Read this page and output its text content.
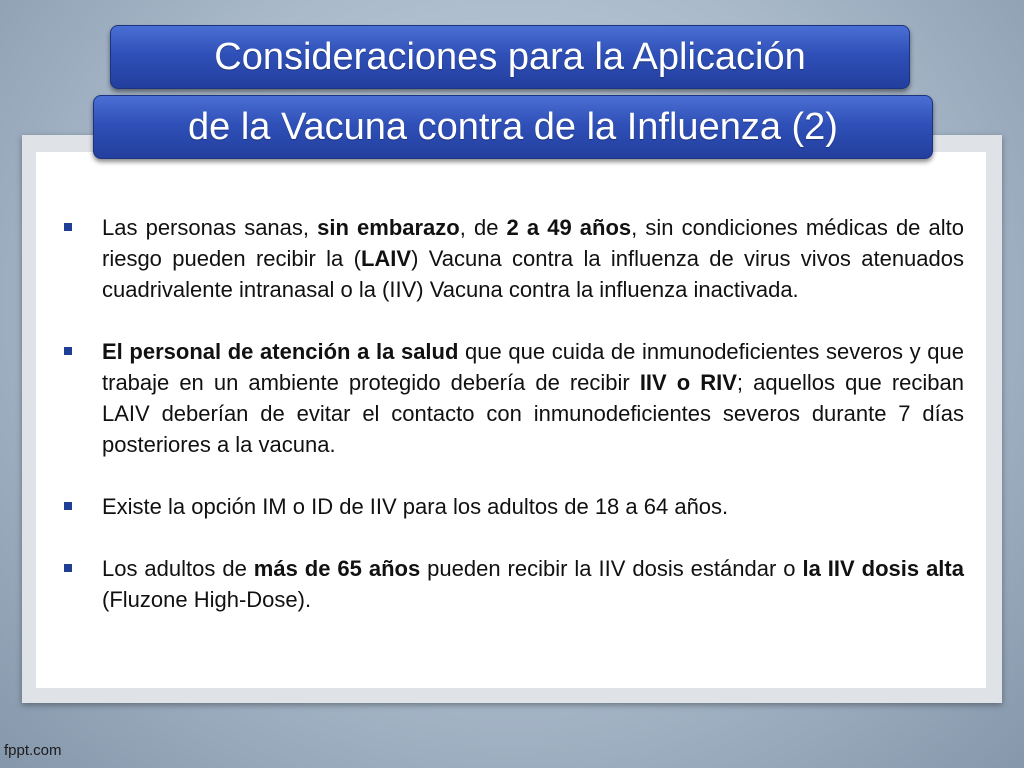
Consideraciones para la Aplicación
de la Vacuna contra de la Influenza (2)
Las personas sanas, sin embarazo, de 2 a 49 años, sin condiciones médicas de alto riesgo pueden recibir la (LAIV) Vacuna contra la influenza de virus vivos atenuados cuadrivalente intranasal o la (IIV) Vacuna contra la influenza inactivada.
El personal de atención a la salud que que cuida de inmunodeficientes severos y que trabaje en un ambiente protegido debería de recibir IIV o RIV; aquellos que reciban LAIV deberían de evitar el contacto con inmunodeficientes severos durante 7 días posteriores a la vacuna.
Existe la opción IM o ID de IIV para los adultos de 18 a 64 años.
Los adultos de más de 65 años pueden recibir la IIV dosis estándar o la IIV dosis alta (Fluzone High-Dose).
fppt.com
